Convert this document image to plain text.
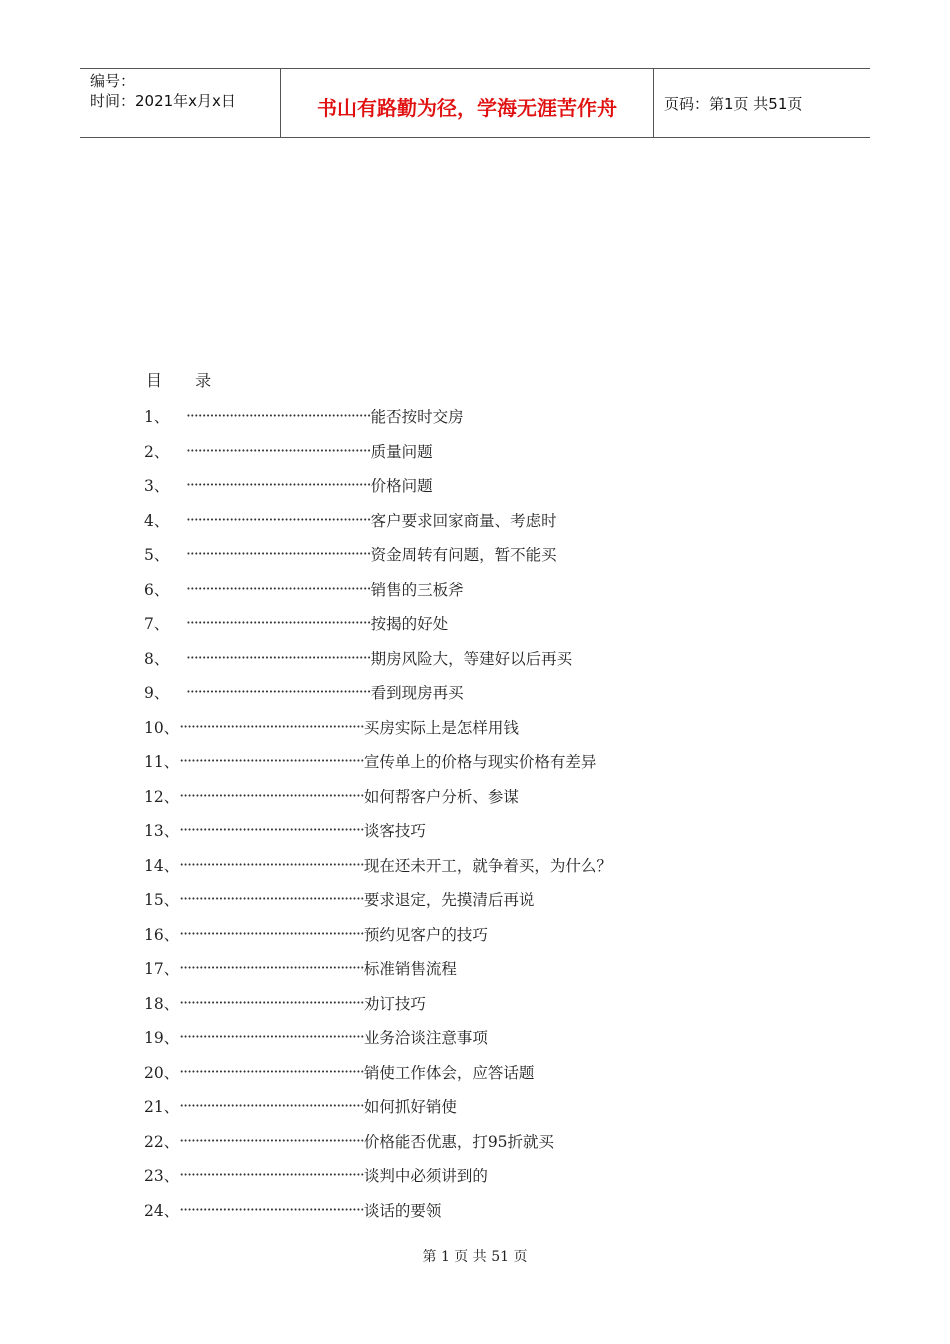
编号：
时间：2021年x月x日	书山有路勤为径，学海无涯苦作舟	页码：第1页 共51页
目 录
1、	··············································· 能否按时交房
2、	··············································· 质量问题
3、	··············································· 价格问题
4、	··············································· 客户要求回家商量、考虑时
5、	··············································· 资金周转有问题，暂不能买
6、	··············································· 销售的三板斧
7、	··············································· 按揭的好处
8、	··············································· 期房风险大，等建好以后再买
9、	··············································· 看到现房再买
10、 ··············································· 买房实际上是怎样用钱
11、 ··············································· 宣传单上的价格与现实价格有差异
12、 ··············································· 如何帮客户分析、参谋
13、 ··············································· 谈客技巧
14、 ··············································· 现在还未开工，就争着买，为什么？
15、 ··············································· 要求退定，先摸清后再说
16、 ··············································· 预约见客户的技巧
17、 ··············································· 标准销售流程
18、 ··············································· 劝订技巧
19、 ··············································· 业务洽谈注意事项
20、 ··············································· 销使工作体会，应答话题
21、 ··············································· 如何抓好销使
22、 ··············································· 价格能否优惠，打95折就买
23、 ··············································· 谈判中必须讲到的
24、 ··············································· 谈话的要领
第 1 页 共 51 页
